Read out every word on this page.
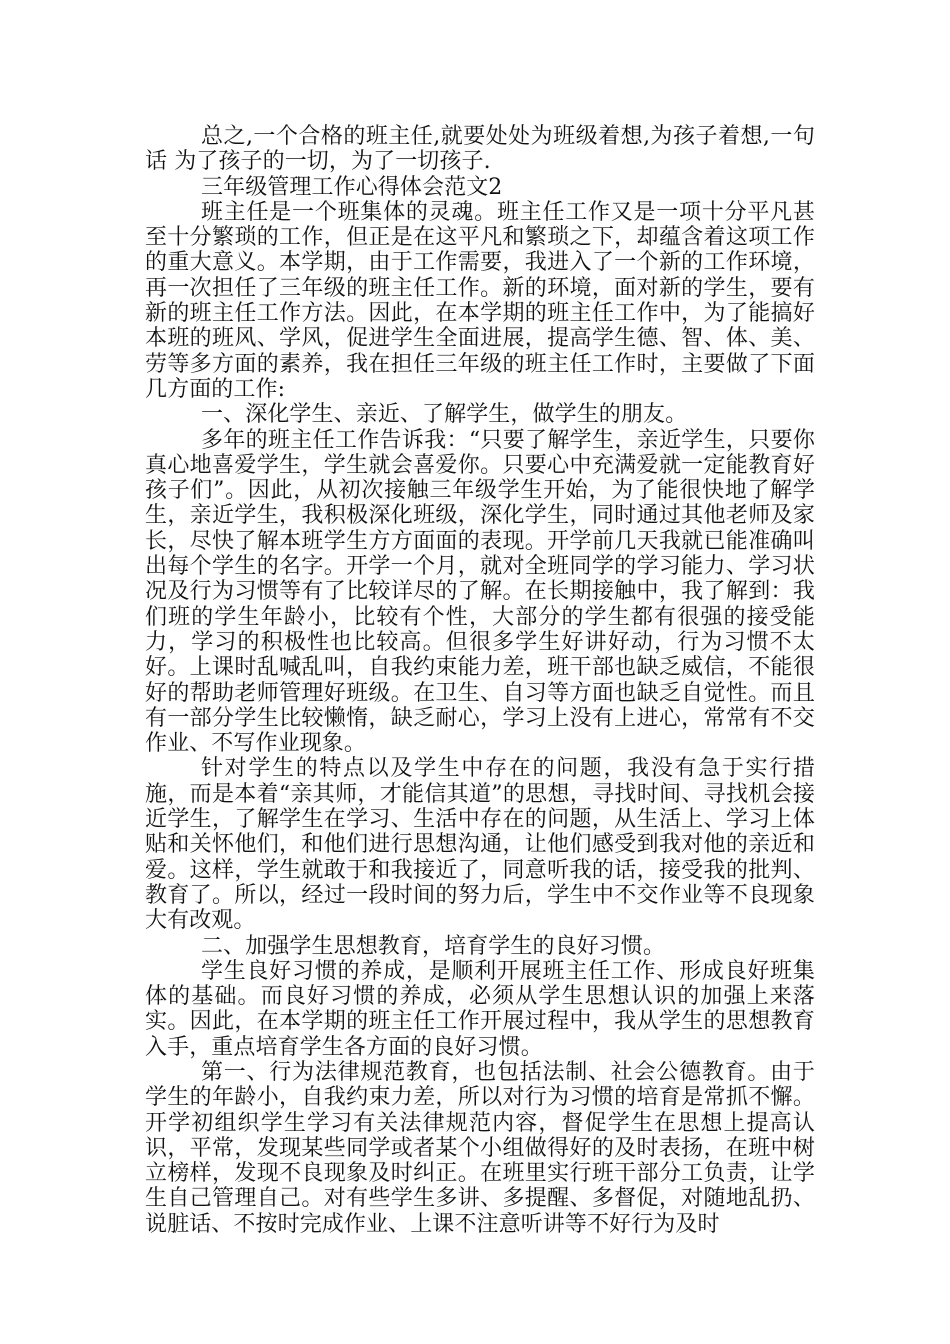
总之,一个合格的班主任,就要处处为班级着想,为孩子着想,一句话 为了孩子的一切，为了一切孩子.

三年级管理工作心得体会范文2

班主任是一个班集体的灵魂。班主任工作又是一项十分平凡甚至十分繁琐的工作，但正是在这平凡和繁琐之下，却蕴含着这项工作的重大意义。本学期，由于工作需要，我进入了一个新的工作环境，再一次担任了三年级的班主任工作。新的环境，面对新的学生，要有新的班主任工作方法。因此，在本学期的班主任工作中，为了能搞好本班的班风、学风，促进学生全面进展，提高学生德、智、体、美、劳等多方面的素养，我在担任三年级的班主任工作时，主要做了下面几方面的工作:

一、深化学生、亲近、了解学生，做学生的朋友。

多年的班主任工作告诉我：“只要了解学生，亲近学生，只要你真心地喜爱学生，学生就会喜爱你。只要心中充满爱就一定能教育好孩子们”。因此，从初次接触三年级学生开始，为了能很快地了解学生，亲近学生，我积极深化班级，深化学生，同时通过其他老师及家长，尽快了解本班学生方方面面的表现。开学前几天我就已能准确叫出每个学生的名字。开学一个月，就对全班同学的学习能力、学习状况及行为习惯等有了比较详尽的了解。在长期接触中，我了解到：我们班的学生年龄小，比较有个性，大部分的学生都有很强的接受能力，学习的积极性也比较高。但很多学生好讲好动，行为习惯不太好。上课时乱喊乱叫，自我约束能力差，班干部也缺乏威信，不能很好的帮助老师管理好班级。在卫生、自习等方面也缺乏自觉性。而且有一部分学生比较懒惰，缺乏耐心，学习上没有上进心，常常有不交作业、不写作业现象。

针对学生的特点以及学生中存在的问题，我没有急于实行措施，而是本着“亲其师，才能信其道”的思想，寻找时间、寻找机会接近学生，了解学生在学习、生活中存在的问题，从生活上、学习上体贴和关怀他们，和他们进行思想沟通，让他们感受到我对他的亲近和爱。这样，学生就敢于和我接近了，同意听我的话，接受我的批判、教育了。所以，经过一段时间的努力后，学生中不交作业等不良现象大有改观。

二、加强学生思想教育，培育学生的良好习惯。

学生良好习惯的养成，是顺利开展班主任工作、形成良好班集体的基础。而良好习惯的养成，必须从学生思想认识的加强上来落实。因此，在本学期的班主任工作开展过程中，我从学生的思想教育入手，重点培育学生各方面的良好习惯。

第一、行为法律规范教育，也包括法制、社会公德教育。由于学生的年龄小，自我约束力差，所以对行为习惯的培育是常抓不懈。开学初组织学生学习有关法律规范内容，督促学生在思想上提高认识，平常，发现某些同学或者某个小组做得好的及时表扬，在班中树立榜样，发现不良现象及时纠正。在班里实行班干部分工负责，让学生自己管理自己。对有些学生多讲、多提醒、多督促，对随地乱扔、说脏话、不按时完成作业、上课不注意听讲等不好行为及时
